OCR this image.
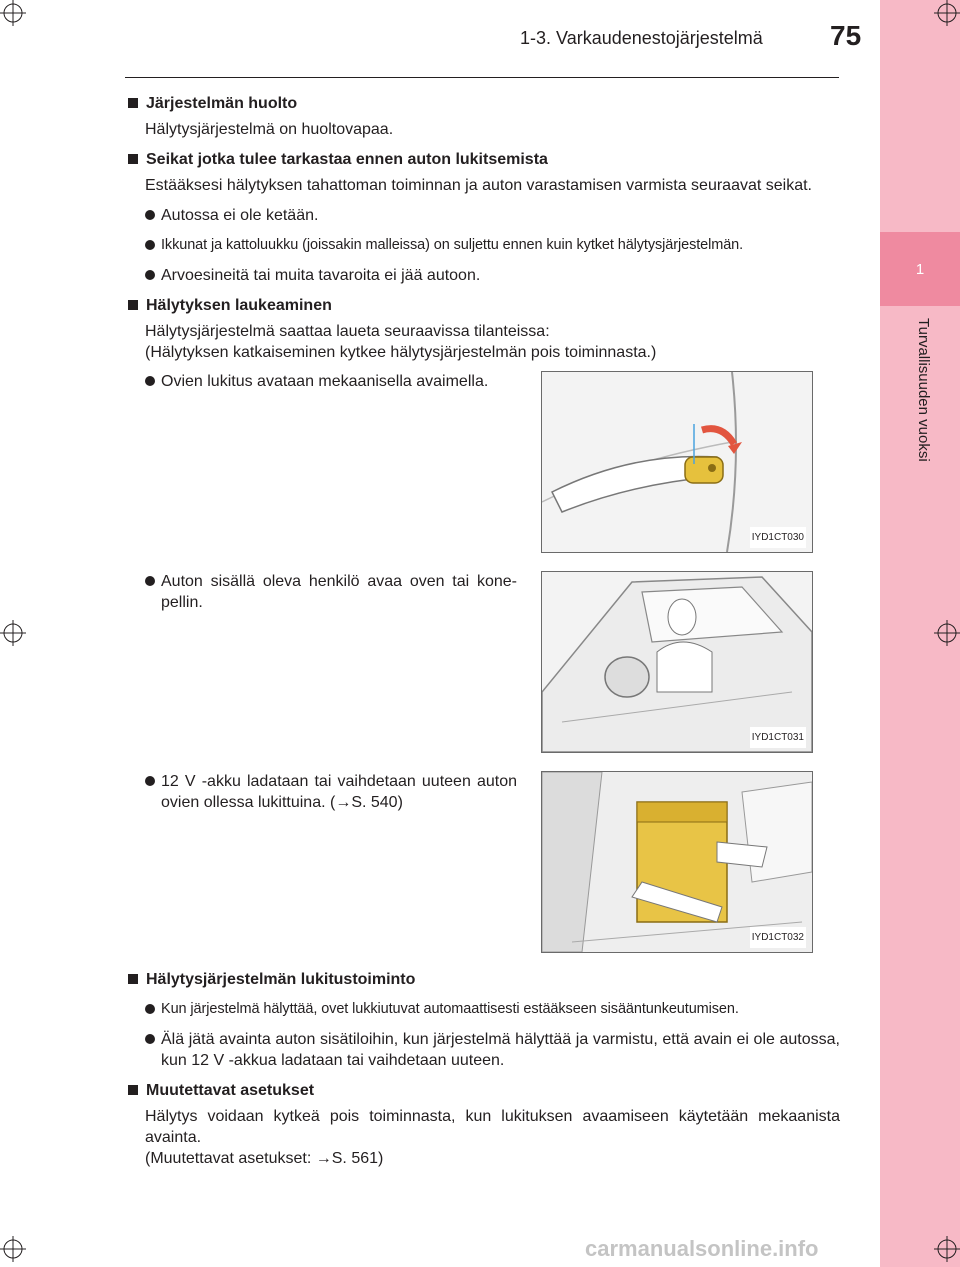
1
Turvallisuuden vuoksi
1-3. Varkaudenestojärjestelmä 75
Järjestelmän huolto
Hälytysjärjestelmä on huoltovapaa.
Seikat jotka tulee tarkastaa ennen auton lukitsemista
Estääksesi hälytyksen tahattoman toiminnan ja auton varastamisen varmista seuraavat seikat.
Autossa ei ole ketään.
Ikkunat ja kattoluukku (joissakin malleissa) on suljettu ennen kuin kytket hälytysjärjestelmän.
Arvoesineitä tai muita tavaroita ei jää autoon.
Hälytyksen laukeaminen
Hälytysjärjestelmä saattaa laueta seuraavissa tilanteissa:
(Hälytyksen katkaiseminen kytkee hälytysjärjestelmän pois toiminnasta.)
Ovien lukitus avataan mekaanisella avaimella.
IYD1CT030
Auton sisällä oleva henkilö avaa oven tai kone-pellin.
IYD1CT031
12 V -akku ladataan tai vaihdetaan uuteen auton ovien ollessa lukittuina. (→S. 540)
IYD1CT032
Hälytysjärjestelmän lukitustoiminto
Kun järjestelmä hälyttää, ovet lukkiutuvat automaattisesti estääkseen sisääntunkeutumisen.
Älä jätä avainta auton sisätiloihin, kun järjestelmä hälyttää ja varmistu, että avain ei ole autossa, kun 12 V -akkua ladataan tai vaihdetaan uuteen.
Muutettavat asetukset
Hälytys voidaan kytkeä pois toiminnasta, kun lukituksen avaamiseen käytetään mekaanista avainta.
(Muutettavat asetukset: →S. 561)
carmanualsonline.info
